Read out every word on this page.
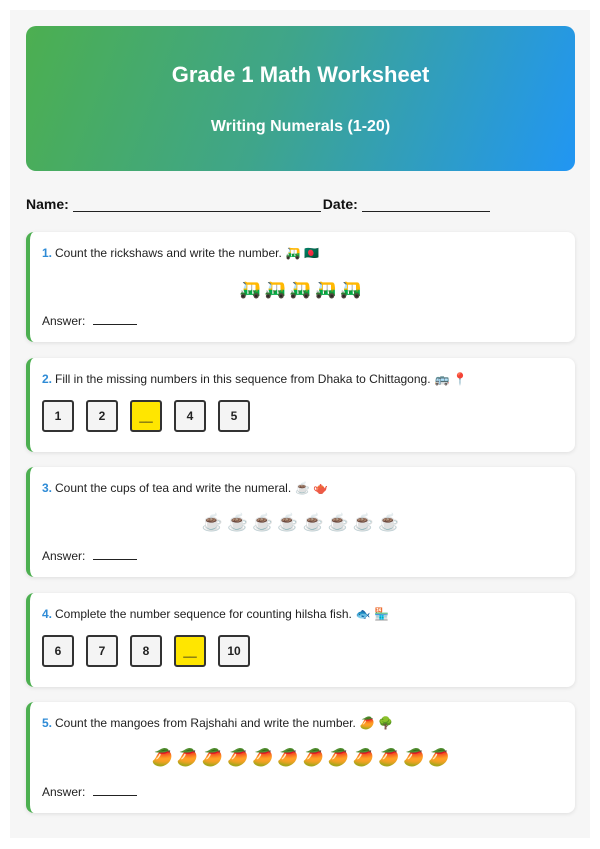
Grade 1 Math Worksheet
Writing Numerals (1-20)
Name:	Date:
1. Count the rickshaws and write the number. 🛺 🇧🇩
🛺🛺🛺🛺🛺
Answer:
2. Fill in the missing numbers in this sequence from Dhaka to Chittagong. 🚌 📍
1	2	__	4	5
3. Count the cups of tea and write the numeral. ☕ 🫖
☕☕☕☕☕☕☕☕
Answer:
4. Complete the number sequence for counting hilsha fish. 🐟 🏪
6	7	8	__	10
5. Count the mangoes from Rajshahi and write the number. 🥭 🌳
🥭🥭🥭🥭🥭🥭🥭🥭🥭🥭🥭🥭
Answer:
